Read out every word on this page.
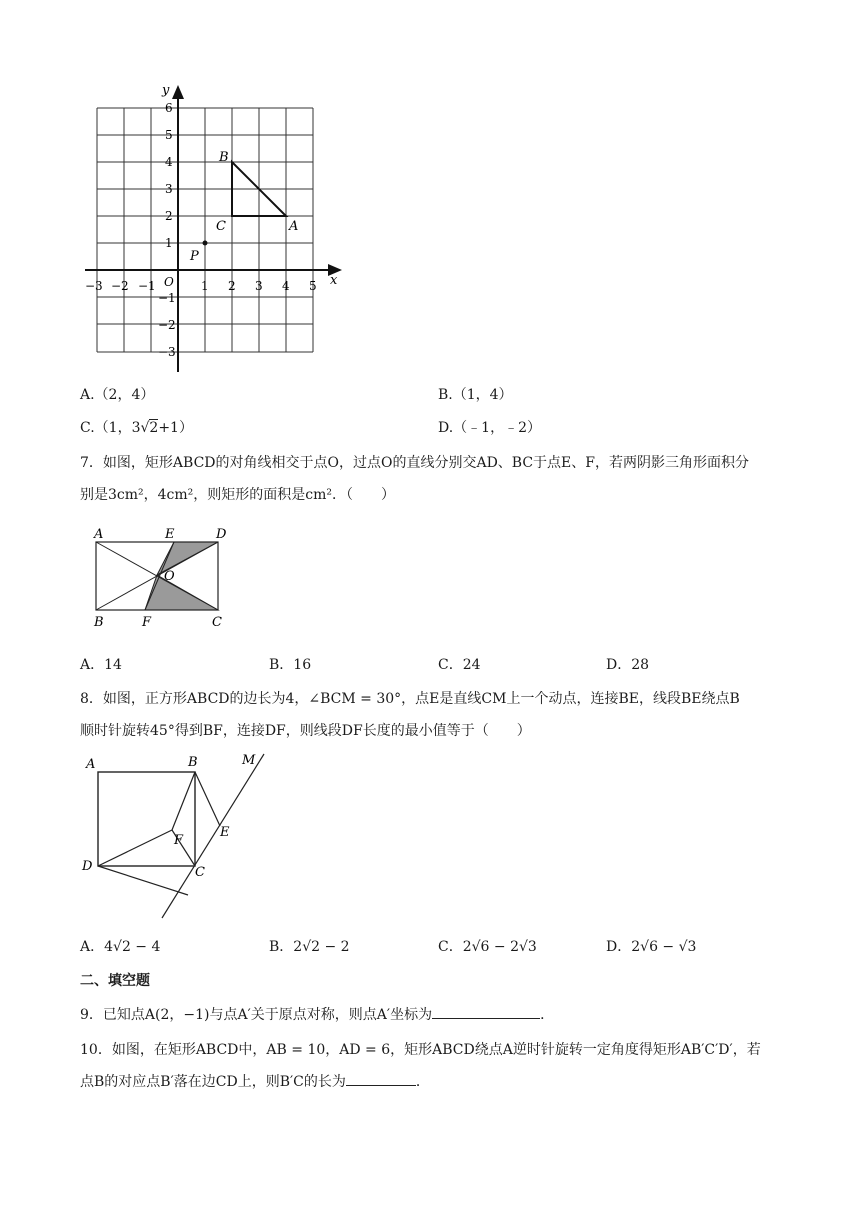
y
x
O
6
5
4
3
2
1
−1
−2
−3
−3 −2 −1	1 2 3 4 5
B
C	A
P
A.（2，4）	B.（1，4）
C.（1，3√2+1）	D.（﹣1，﹣2）
7．如图，矩形ABCD的对角线相交于点O，过点O的直线分别交AD、BC于点E、F，若两阴影三角形面积分
别是3cm²，4cm²，则矩形的面积是cm²．（　　）
A	E	D
O
B	F	C
A．14	B．16	C．24	D．28
8．如图，正方形ABCD的边长为4，∠BCM = 30°，点E是直线CM上一个动点，连接BE，线段BE绕点B
顺时针旋转45°得到BF，连接DF，则线段DF长度的最小值等于（　　）
A	B	M
F
E
D	C
A．4√2 − 4	B．2√2 − 2	C．2√6 − 2√3	D．2√6 − √3
二、填空题
9．已知点A(2，−1)与点A′关于原点对称，则点A′坐标为	．
10．如图，在矩形ABCD中，AB = 10，AD = 6，矩形ABCD绕点A逆时针旋转一定角度得矩形AB′C′D′，若
点B的对应点B′落在边CD上，则B′C的长为	．
